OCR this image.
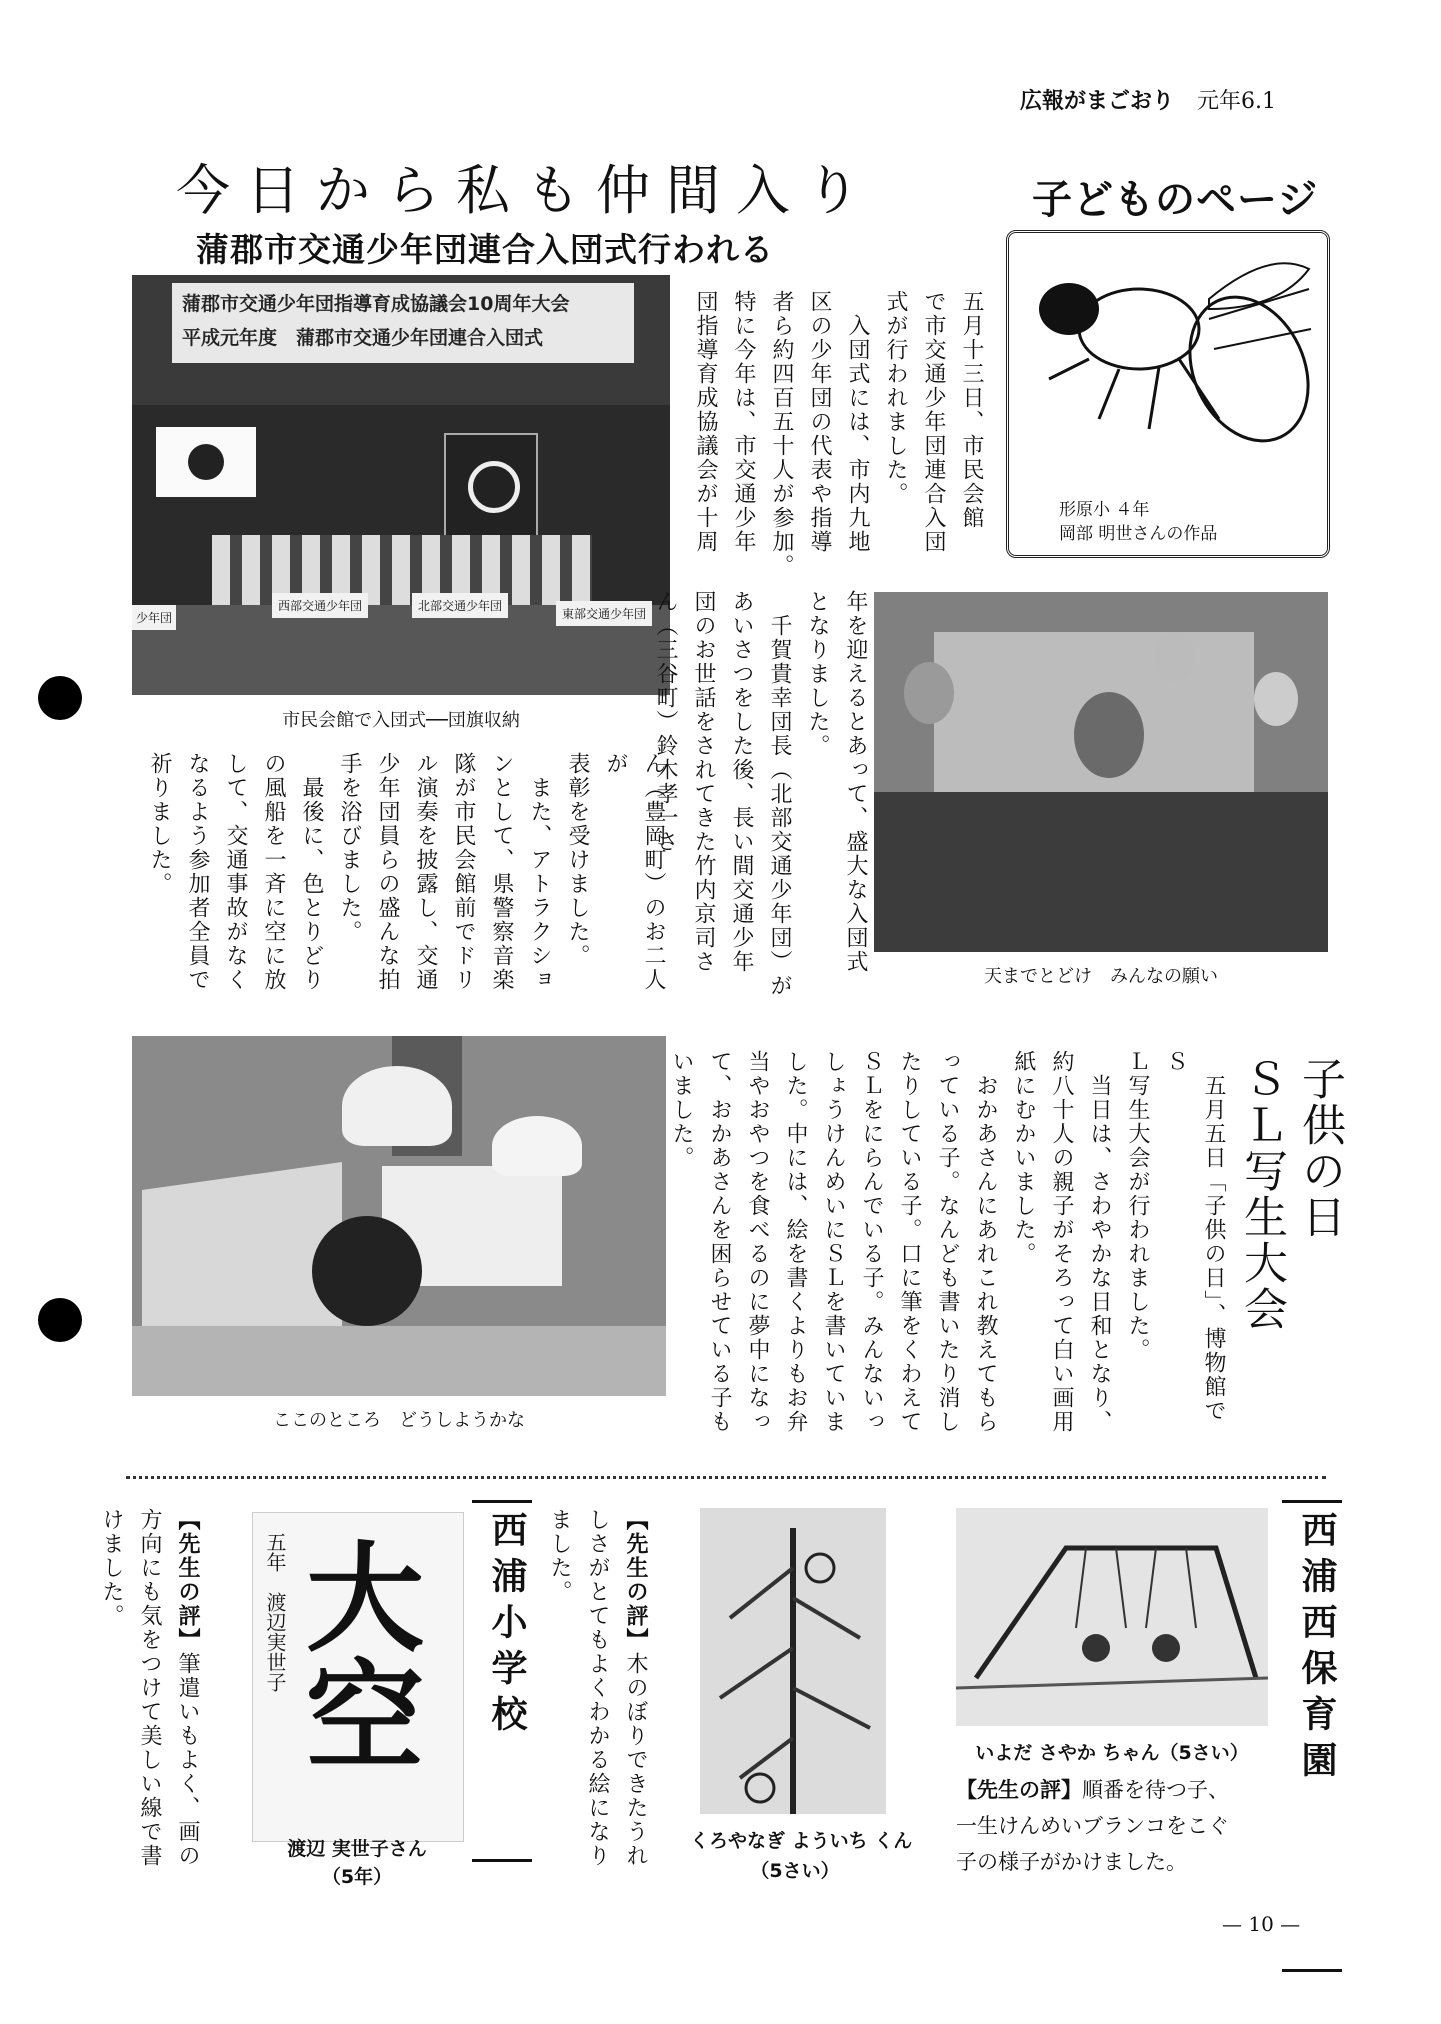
広報がまごおり 元年6.1
今日から私も仲間入り
蒲郡市交通少年団連合入団式行われる
蒲郡市交通少年団指導育成協議会10周年大会
平成元年度　蒲郡市交通少年団連合入団式
西部交通少年団	北部交通少年団
東部交通少年団
少年団
市民会館で入団式──団旗収納
五月十三日、市民会館
で市交通少年団連合入団
式が行われました。
　入団式には、市内九地
区の少年団の代表や指導
者ら約四百五十人が参加。
特に今年は、市交通少年
団指導育成協議会が十周
子どものページ
形原小 ４年
岡部 明世さんの作品
天までとどけ　みんなの願い
年を迎えるとあって、盛大な入団式
となりました。
　千賀貴幸団長（北部交通少年団）が
あいさつをした後、長い間交通少年
団のお世話をされてきた竹内京司さ
ん（三谷町）鈴木孝一さ
ん（豊岡町）のお二人が
表彰を受けました。
　また、アトラクショ
ンとして、県警察音楽
隊が市民会館前でドリ
ル演奏を披露し、交通
少年団員らの盛んな拍
手を浴びました。
　最後に、色とりどり
の風船を一斉に空に放
して、交通事故がなく
なるよう参加者全員で
祈りました。
ここのところ　どうしようかな	　五月五日「子供の日」、博物館でＳ
Ｌ写生大会が行われました。
　当日は、さわやかな日和となり、
約八十人の親子がそろって白い画用
紙にむかいました。
　おかあさんにあれこれ教えてもら
っている子。なんども書いたり消し
たりしている子。口に筆をくわえて
ＳＬをにらんでいる子。みんないっ
しょうけんめいにＳＬを書いていま
した。中には、絵を書くよりもお弁
当やおやつを食べるのに夢中になっ
て、おかあさんを困らせている子も
いました。	子供の日
ＳＬ写生大会
西浦小学校
大空
五年　渡辺実世子
渡辺 実世子さん
（5年）

【先生の評】筆遣いもよく、画の
方向にも気をつけて美しい線で書
けました。	西浦西保育園
くろやなぎ よういち くん
（5さい）

【先生の評】木のぼりできたうれ
しさがとてもよくわかる絵になり
ました。

いよだ さやか ちゃん（5さい）
【先生の評】順番を待つ子、
一生けんめいブランコをこぐ
子の様子がかけました。
— 10 —
